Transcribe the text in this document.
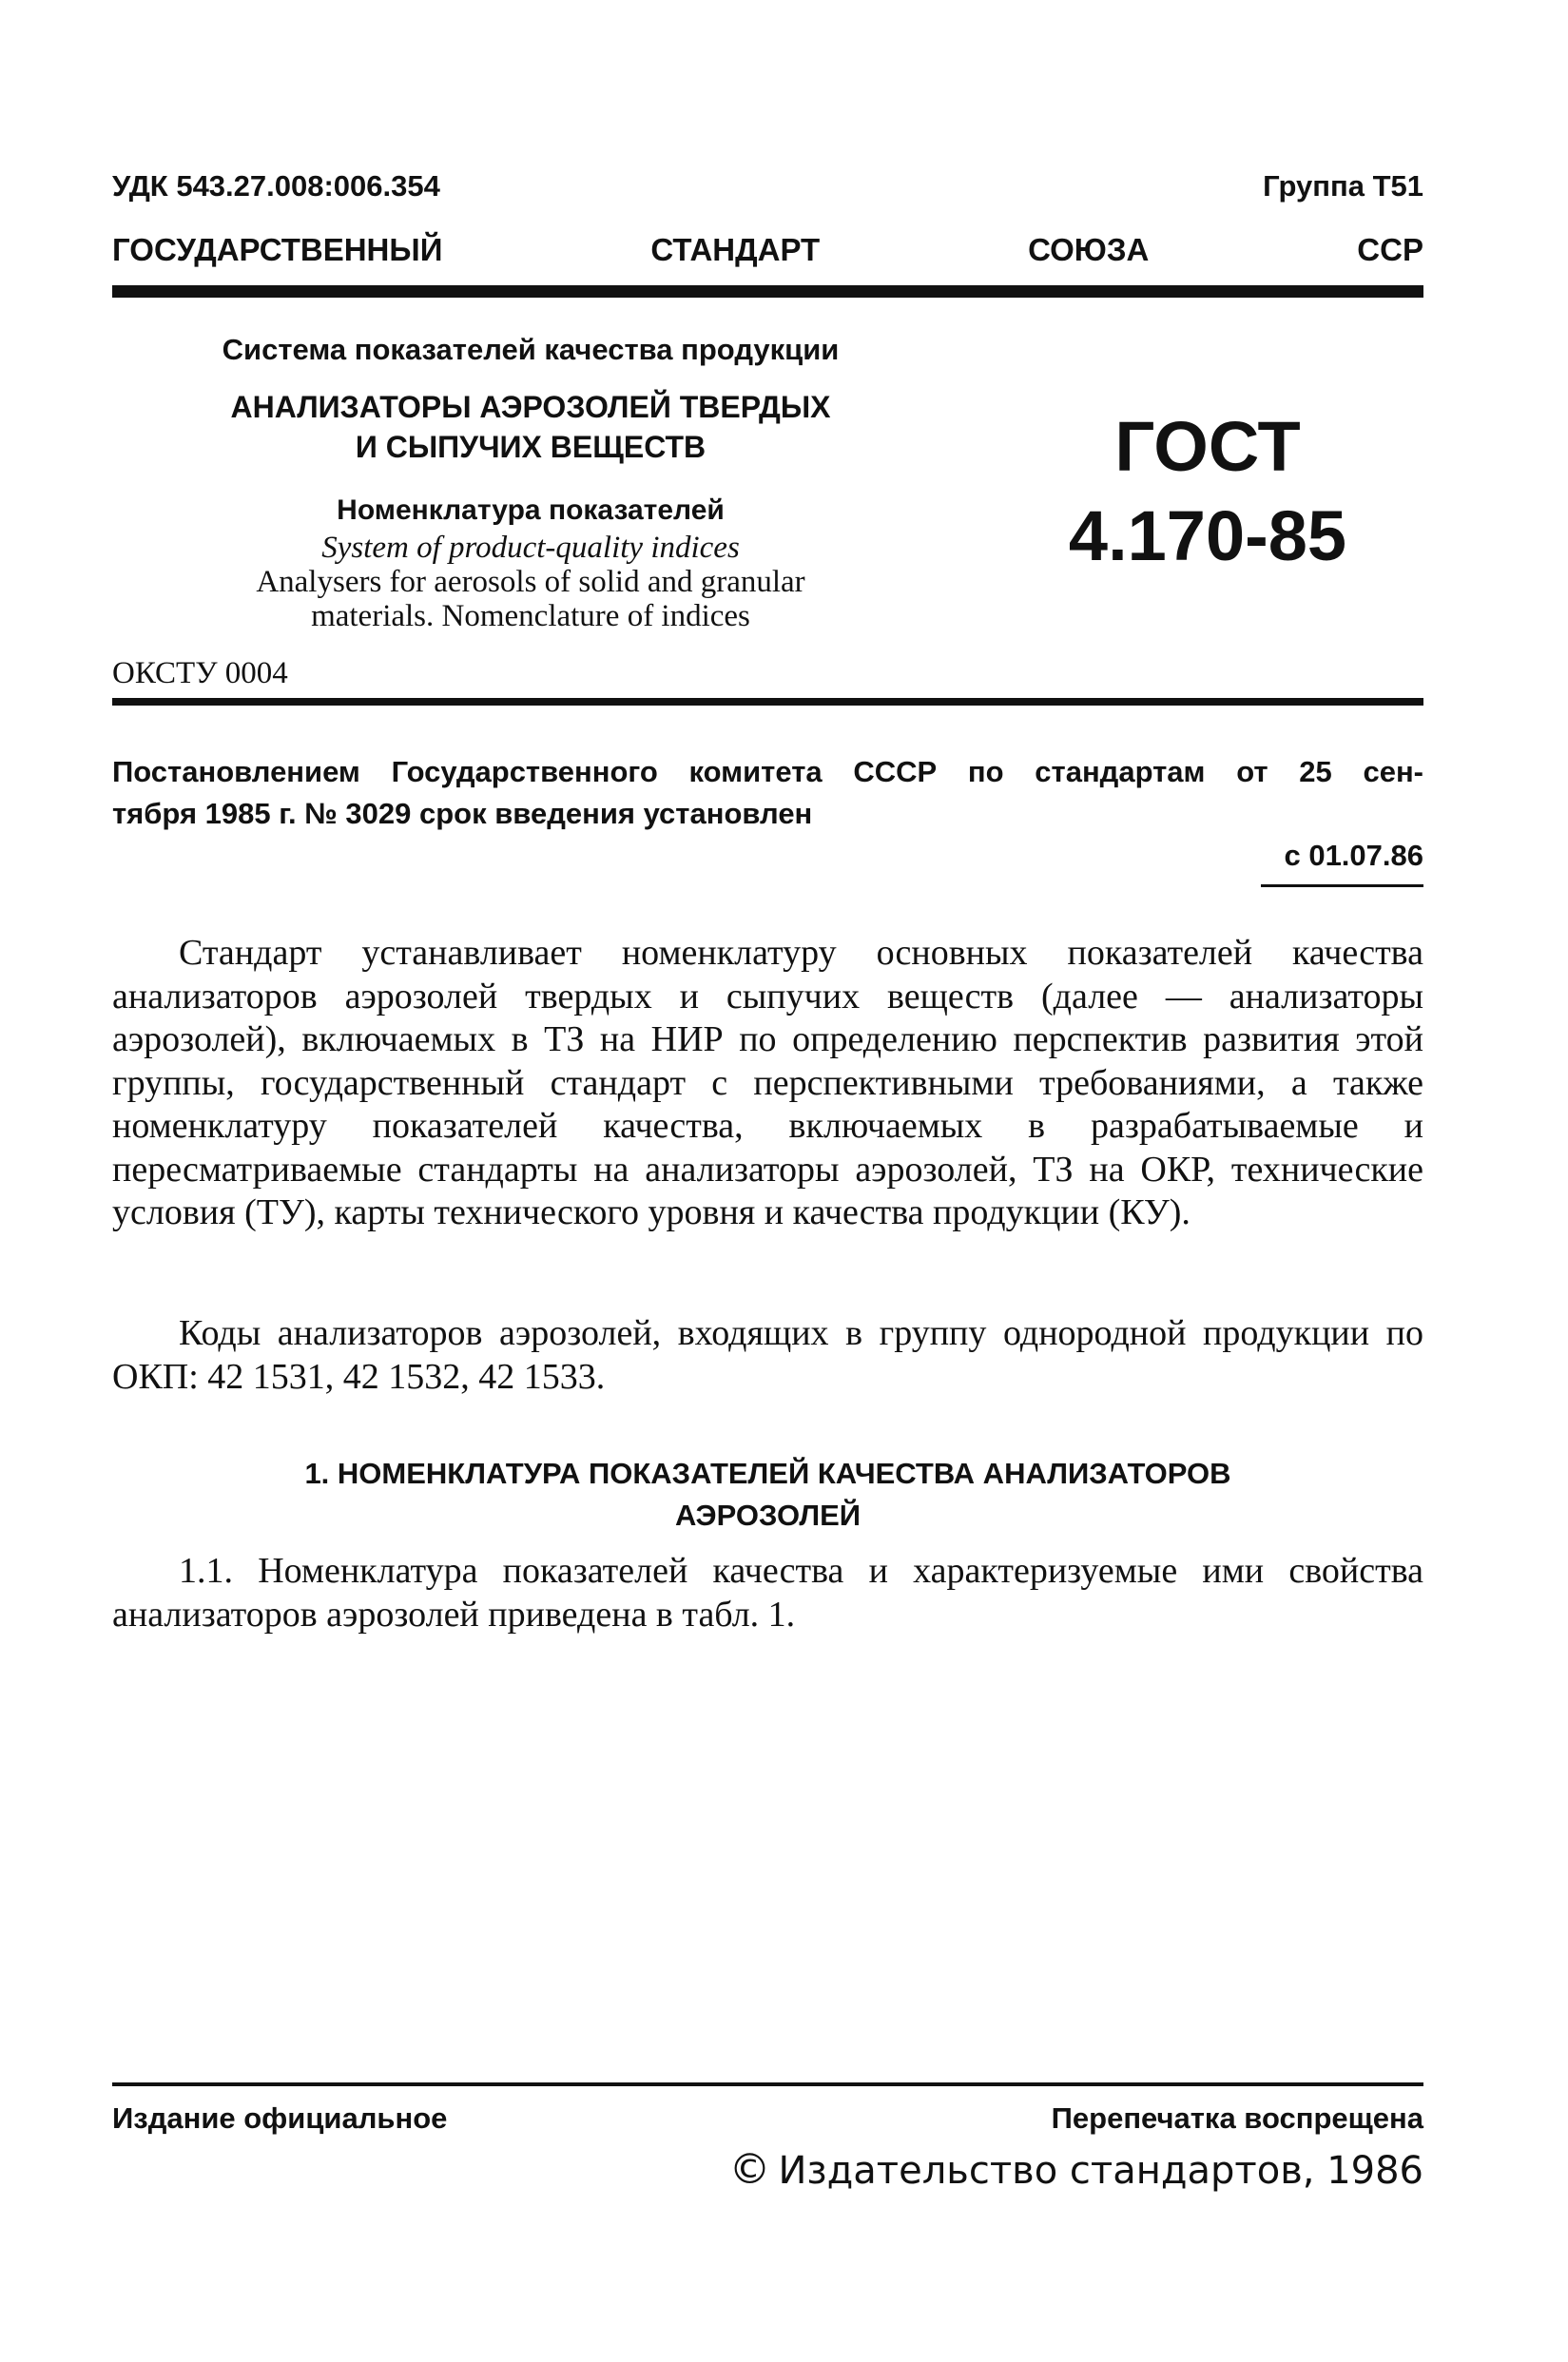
УДК 543.27.008:006.354	Группа Т51
ГОСУДАРСТВЕННЫЙ	СТАНДАРТ	СОЮЗА	ССР
Система показателей качества продукции
АНАЛИЗАТОРЫ АЭРОЗОЛЕЙ ТВЕРДЫХ
И СЫПУЧИХ ВЕЩЕСТВ
Номенклатура показателей
System of product-quality indices
Analysers for aerosols of solid and granular
materials. Nomenclature of indices
ГОСТ
4.170-85
ОКСТУ 0004
Постановлением Государственного комитета СССР по стандартам от 25 сен-
тября 1985 г. № 3029 срок введения установлен
с 01.07.86
Стандарт устанавливает номенклатуру основных показателей качества анализаторов аэрозолей твердых и сыпучих веществ (далее — анализаторы аэрозолей), включаемых в ТЗ на НИР по определению перспектив развития этой группы, государственный стандарт с перспективными требованиями, а также номенклатуру показателей качества, включаемых в разрабатываемые и пересматриваемые стандарты на анализаторы аэрозолей, ТЗ на ОКР, технические условия (ТУ), карты технического уровня и качества продукции (КУ).
Коды анализаторов аэрозолей, входящих в группу однородной продукции по ОКП: 42 1531, 42 1532, 42 1533.
1. НОМЕНКЛАТУРА ПОКАЗАТЕЛЕЙ КАЧЕСТВА АНАЛИЗАТОРОВ
АЭРОЗОЛЕЙ
1.1. Номенклатура показателей качества и характеризуемые ими свойства анализаторов аэрозолей приведена в табл. 1.
Издание официальное	Перепечатка воспрещена
© Издательство стандартов, 1986
